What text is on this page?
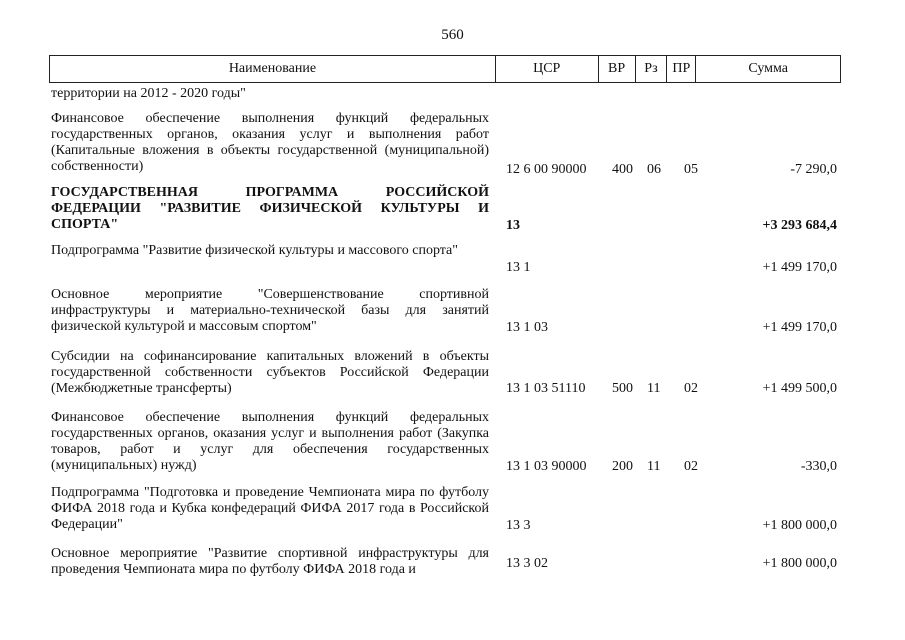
560
Наименование	ЦСР	ВР	Рз	ПР	Сумма
территории на 2012 - 2020 годы"
Финансовое обеспечение выполнения функций федеральных государственных органов, оказания услуг и выполнения работ (Капитальные вложения в объекты государственной (муниципальной) собственности)	12 6 00 90000 400 06 05	-7 290,0
ГОСУДАРСТВЕННАЯ ПРОГРАММА РОССИЙСКОЙ ФЕДЕРАЦИИ "РАЗВИТИЕ ФИЗИЧЕСКОЙ КУЛЬТУРЫ И СПОРТА"	13	+3 293 684,4
Подпрограмма "Развитие физической культуры и массового спорта"
13 1	+1 499 170,0
Основное мероприятие "Совершенствование спортивной инфраструктуры и материально-технической базы для занятий физической культурой и массовым спортом"	13 1 03	+1 499 170,0
Субсидии на софинансирование капитальных вложений в объекты государственной собственности субъектов Российской Федерации (Межбюджетные трансферты)	13 1 03 51110 500 11 02	+1 499 500,0
Финансовое обеспечение выполнения функций федеральных государственных органов, оказания услуг и выполнения работ (Закупка товаров, работ и услуг для обеспечения государственных (муниципальных) нужд)	13 1 03 90000 200 11 02	-330,0
Подпрограмма "Подготовка и проведение Чемпионата мира по футболу ФИФА 2018 года и Кубка конфедераций ФИФА 2017 года в Российской Федерации"	13 3	+1 800 000,0
Основное мероприятие "Развитие спортивной инфраструктуры для проведения Чемпионата мира по футболу ФИФА 2018 года и	13 3 02	+1 800 000,0
